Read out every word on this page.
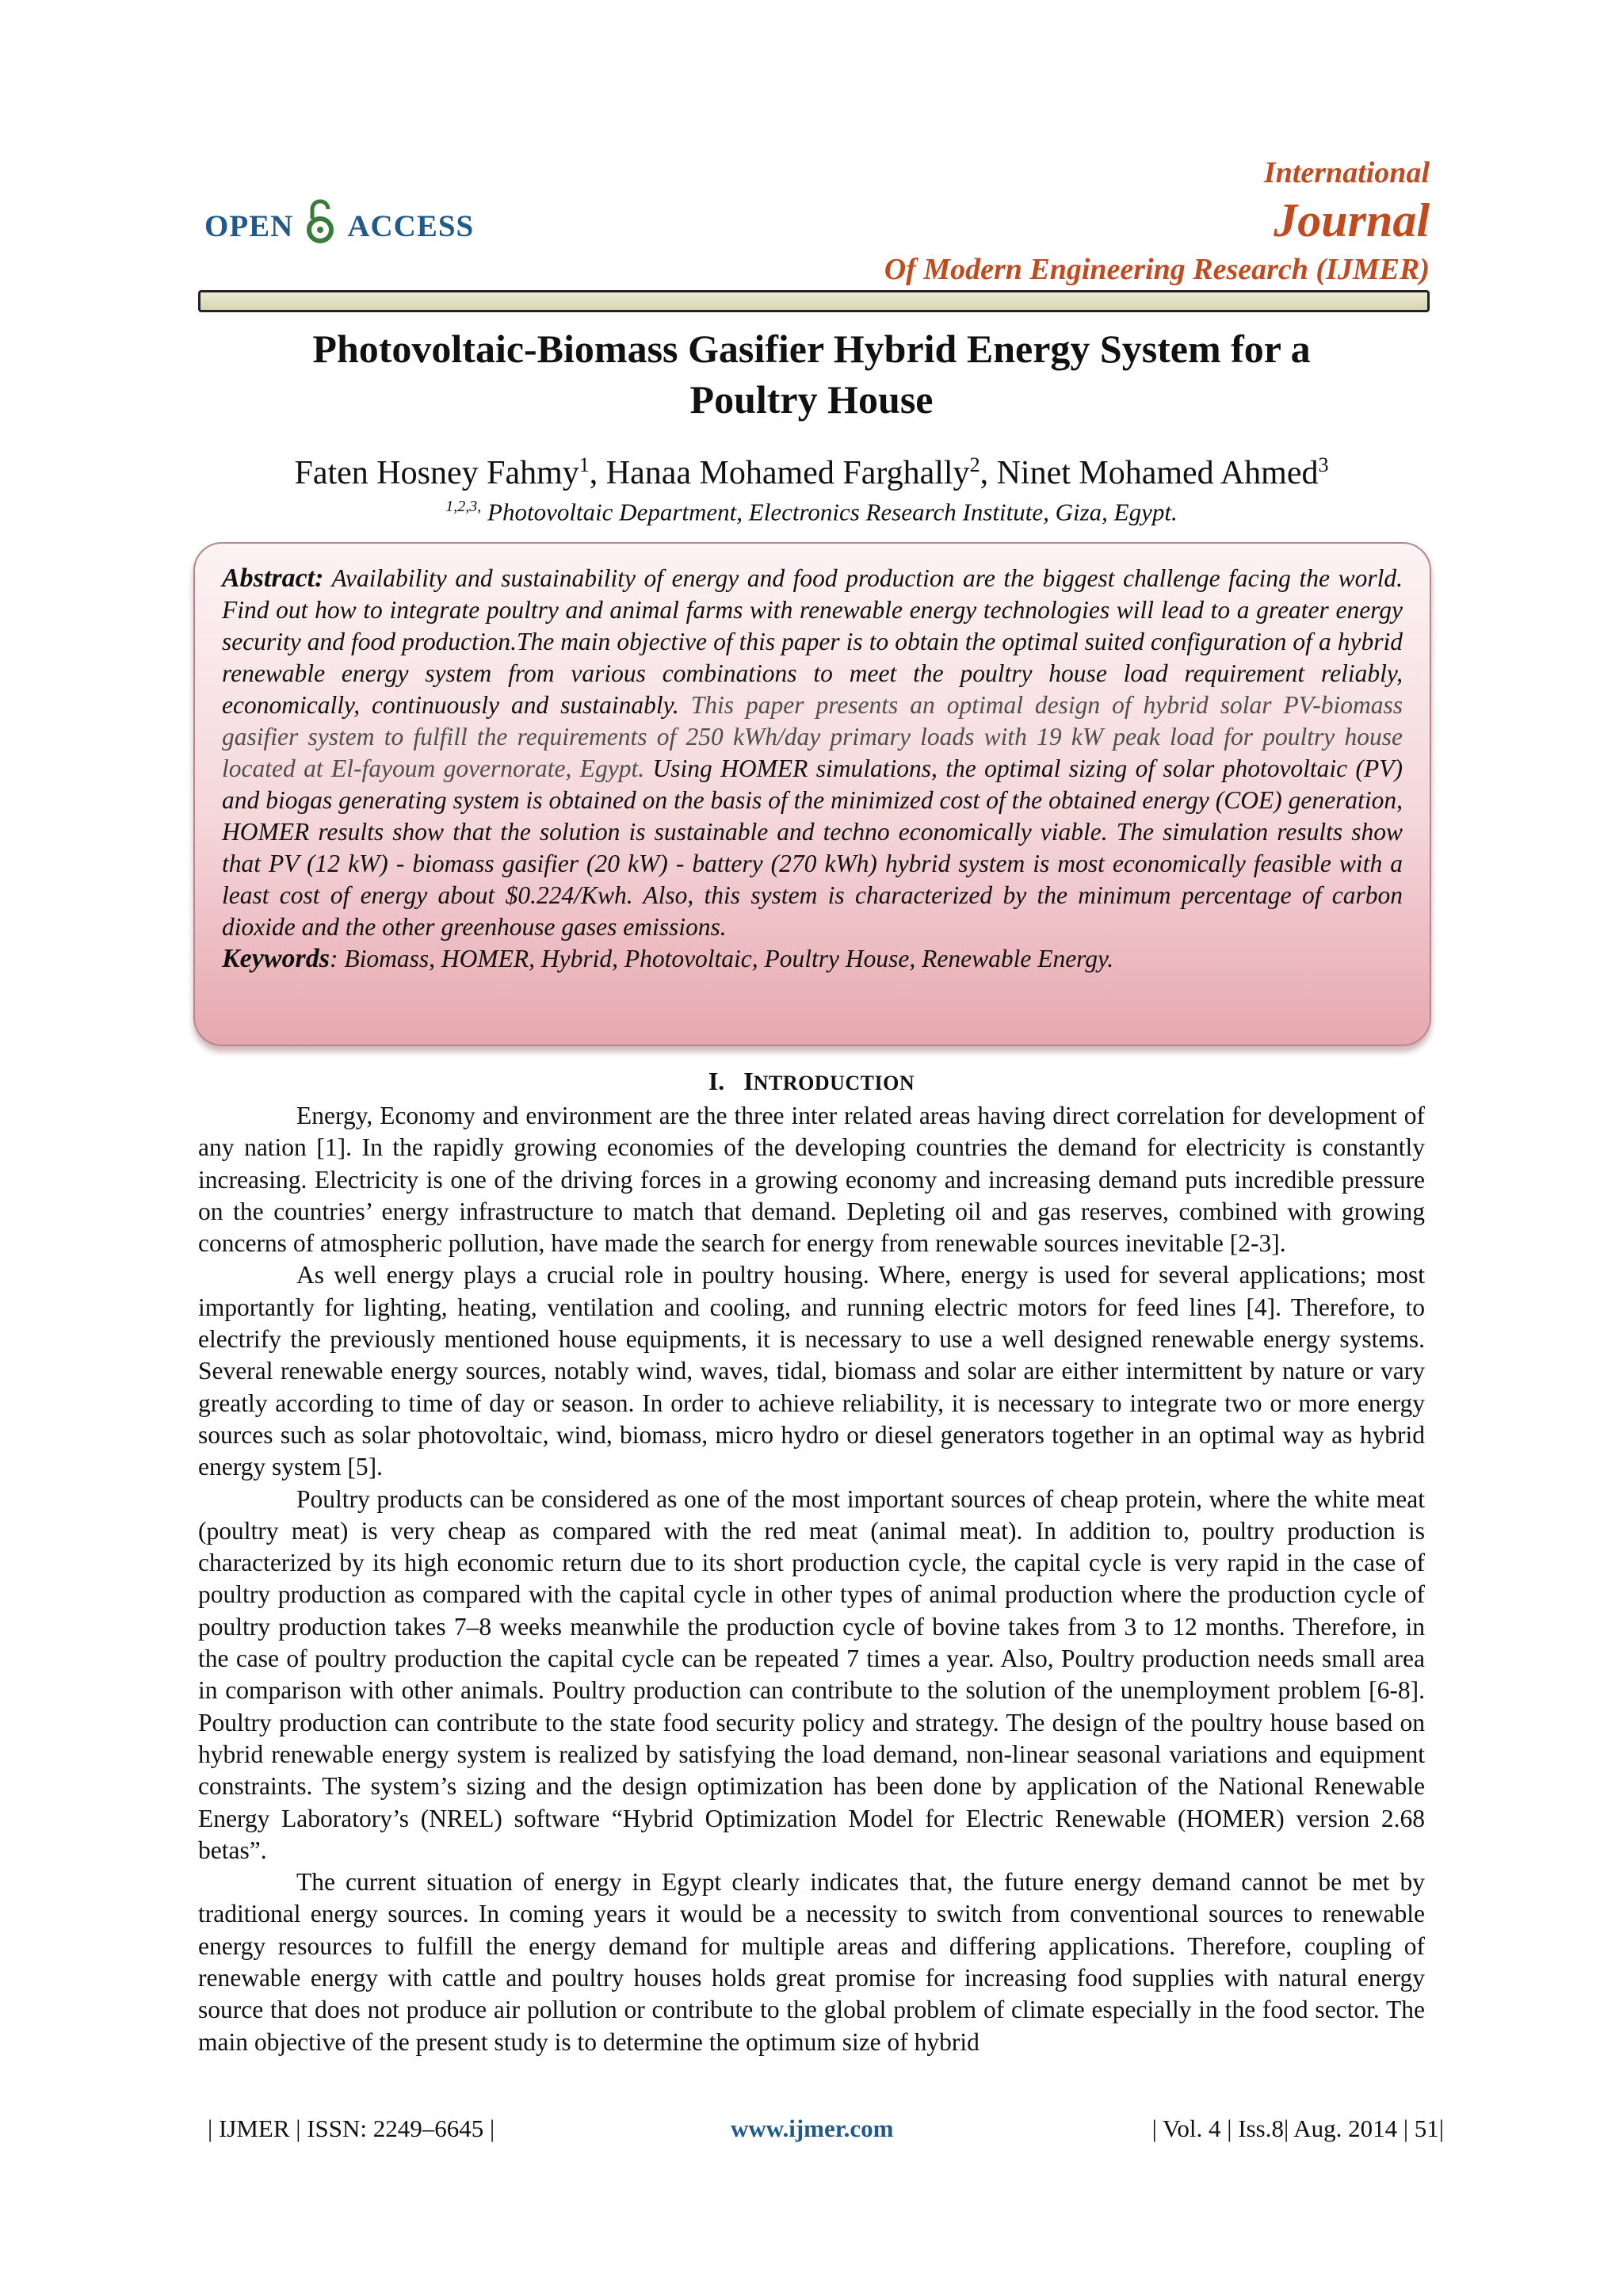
OPEN ACCESS
International
Journal
Of Modern Engineering Research (IJMER)
Photovoltaic-Biomass Gasifier Hybrid Energy System for a
Poultry House
Faten Hosney Fahmy$^1$, Hanaa Mohamed Farghally$^2$, Ninet Mohamed Ahmed$^3$
$^{1,2,3,}$ Photovoltaic Department, Electronics Research Institute, Giza, Egypt.
Abstract: Availability and sustainability of energy and food production are the biggest challenge facing the world. Find out how to integrate poultry and animal farms with renewable energy technologies will lead to a greater energy security and food production.The main objective of this paper is to obtain the optimal suited configuration of a hybrid renewable energy system from various combinations to meet the poultry house load requirement reliably, economically, continuously and sustainably. This paper presents an optimal design of hybrid solar PV-biomass gasifier system to fulfill the requirements of 250 kWh/day primary loads with 19 kW peak load for poultry house located at El-fayoum governorate, Egypt. Using HOMER simulations, the optimal sizing of solar photovoltaic (PV) and biogas generating system is obtained on the basis of the minimized cost of the obtained energy (COE) generation, HOMER results show that the solution is sustainable and techno economically viable. The simulation results show that PV (12 kW) - biomass gasifier (20 kW) - battery (270 kWh) hybrid system is most economically feasible with a least cost of energy about $0.224/Kwh. Also, this system is characterized by the minimum percentage of carbon dioxide and the other greenhouse gases emissions.
Keywords: Biomass, HOMER, Hybrid, Photovoltaic, Poultry House, Renewable Energy.
I. INTRODUCTION

Energy, Economy and environment are the three inter related areas having direct correlation for development of any nation [1]. In the rapidly growing economies of the developing countries the demand for electricity is constantly increasing. Electricity is one of the driving forces in a growing economy and increasing demand puts incredible pressure on the countries’ energy infrastructure to match that demand. Depleting oil and gas reserves, combined with growing concerns of atmospheric pollution, have made the search for energy from renewable sources inevitable [2-3].

As well energy plays a crucial role in poultry housing. Where, energy is used for several applications; most importantly for lighting, heating, ventilation and cooling, and running electric motors for feed lines [4]. Therefore, to electrify the previously mentioned house equipments, it is necessary to use a well designed renewable energy systems. Several renewable energy sources, notably wind, waves, tidal, biomass and solar are either intermittent by nature or vary greatly according to time of day or season. In order to achieve reliability, it is necessary to integrate two or more energy sources such as solar photovoltaic, wind, biomass, micro hydro or diesel generators together in an optimal way as hybrid energy system [5].

Poultry products can be considered as one of the most important sources of cheap protein, where the white meat (poultry meat) is very cheap as compared with the red meat (animal meat). In addition to, poultry production is characterized by its high economic return due to its short production cycle, the capital cycle is very rapid in the case of poultry production as compared with the capital cycle in other types of animal production where the production cycle of poultry production takes 7–8 weeks meanwhile the production cycle of bovine takes from 3 to 12 months. Therefore, in the case of poultry production the capital cycle can be repeated 7 times a year. Also, Poultry production needs small area in comparison with other animals. Poultry production can contribute to the solution of the unemployment problem [6-8]. Poultry production can contribute to the state food security policy and strategy. The design of the poultry house based on hybrid renewable energy system is realized by satisfying the load demand, non-linear seasonal variations and equipment constraints. The system’s sizing and the design optimization has been done by application of the National Renewable Energy Laboratory’s (NREL) software “Hybrid Optimization Model for Electric Renewable (HOMER) version 2.68 betas”.

The current situation of energy in Egypt clearly indicates that, the future energy demand cannot be met by traditional energy sources. In coming years it would be a necessity to switch from conventional sources to renewable energy resources to fulfill the energy demand for multiple areas and differing applications. Therefore, coupling of renewable energy with cattle and poultry houses holds great promise for increasing food supplies with natural energy source that does not produce air pollution or contribute to the global problem of climate especially in the food sector. The main objective of the present study is to determine the optimum size of hybrid

| IJMER | ISSN: 2249–6645 |	www.ijmer.com	| Vol. 4 | Iss.8| Aug. 2014 | 51|
